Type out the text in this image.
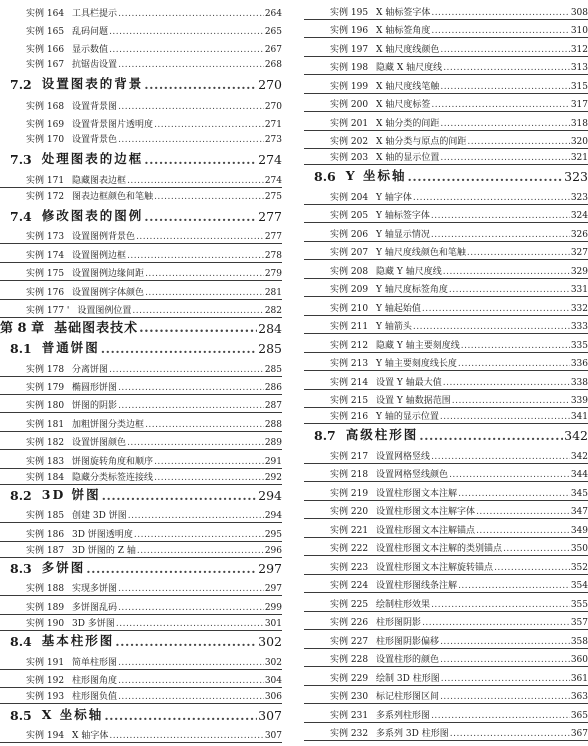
实例 164 工具栏提示 .....	264
实例 165 乱码问题 .....	265
实例 166 显示数值 .....	267
实例 167 抗锯齿设置 .....	268
7.2 设置图表的背景 .....	270
实例 168 设置背景图 .....	270
实例 169 设置背景图片透明度 .....	271
实例 170 设置背景色 .....	273
7.3 处理图表的边框 .....	274
实例 171 隐藏图表边框 .....	274
实例 172 图表边框颜色和笔触 .....	275
7.4 修改图表的图例 .....	277
实例 173 设置图例背景色 .....	277
实例 174 设置图例边框 .....	278
实例 175 设置图例边缘间距 .....	279
实例 176 设置图例字体颜色 .....	281
实例 177 ' 设置图例位置 .....	282
第 8 章 基础图表技术 .....	284
8.1 普通饼图 .....	285
实例 178 分离饼图 .....	285
实例 179 椭圆形饼图 .....	286
实例 180 饼图的阴影 .....	287
实例 181 加粗饼图分类边框 .....	288
实例 182 设置饼图颜色 .....	289
实例 183 饼图旋转角度和顺序 .....	291
实例 184 隐藏分类标签连接线 .....	292
8.2 3D 饼图 .....	294
实例 185 创建 3D 饼图 .....	294
实例 186 3D 饼图透明度 .....	295
实例 187 3D 饼图的 Z 轴 .....	296
8.3 多饼图 .....	297
实例 188 实现多饼图 .....	297
实例 189 多饼图乱码 .....	299
实例 190 3D 多饼图 .....	301
8.4 基本柱形图 .....	302
实例 191 简单柱形图 .....	302
实例 192 柱形图角度 .....	304
实例 193 柱形图负值 .....	306
8.5 X 坐标轴 .....	307
实例 194 X 轴字体 .....	307
实例 195 X 轴标签字体 .....	308
实例 196 X 轴标签角度 .....	310
实例 197 X 轴尺度线颜色 .....	312
实例 198 隐藏 X 轴尺度线 .....	313
实例 199 X 轴尺度线笔触 .....	315
实例 200 X 轴尺度标签 .....	317
实例 201 X 轴分类的间距 .....	318
实例 202 X 轴分类与原点的间距 .....	320
实例 203 X 轴的显示位置 .....	321
8.6 Y 坐标轴 .....	323
实例 204 Y 轴字体 .....	323
实例 205 Y 轴标签字体 .....	324
实例 206 Y 轴显示情况 .....	326
实例 207 Y 轴尺度线颜色和笔触 .....	327
实例 208 隐藏 Y 轴尺度线 .....	329
实例 209 Y 轴尺度标签角度 .....	331
实例 210 Y 轴起始值 .....	332
实例 211 Y 轴箭头 .....	333
实例 212 隐藏 Y 轴主要刻度线 .....	335
实例 213 Y 轴主要刻度线长度 .....	336
实例 214 设置 Y 轴最大值 .....	338
实例 215 设置 Y 轴数据范围 .....	339
实例 216 Y 轴的显示位置 .....	341
8.7 高级柱形图 .....	342
实例 217 设置网格竖线 .....	342
实例 218 设置网格竖线颜色 .....	344
实例 219 设置柱形图文本注解 .....	345
实例 220 设置柱形图文本注解字体 .....	347
实例 221 设置柱形图文本注解锚点 .....	349
实例 222 设置柱形图文本注解的类别锚点 .....	350
实例 223 设置柱形图文本注解旋转锚点 .....	352
实例 224 设置柱形图线条注解 .....	354
实例 225 绘制柱形效果 .....	355
实例 226 柱形图阴影 .....	357
实例 227 柱形图阴影偏移 .....	358
实例 228 设置柱形的颜色 .....	360
实例 229 绘制 3D 柱形图 .....	361
实例 230 标记柱形图区间 .....	363
实例 231 多系列柱形图 .....	365
实例 232 多系列 3D 柱形图 .....	367
